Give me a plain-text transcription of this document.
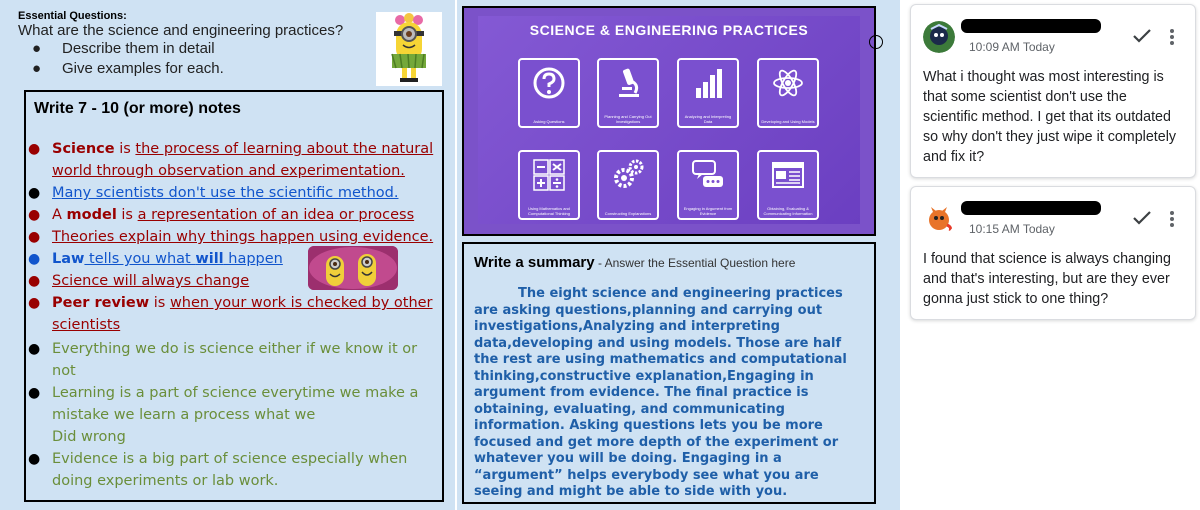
Essential Questions:
What are the science and engineering practices?
● Describe them in detail
● Give examples for each.
Write 7 - 10 (or more) notes
● Science is the process of learning about the natural world through observation and experimentation.
● Many scientists don't use the scientific method.
● A model is a representation of an idea or process
● Theories explain why things happen using evidence.
● Law tells you what will happen
● Science will always change
● Peer review is when your work is checked by other scientists
● Everything we do is science either if we know it or not
● Learning is a part of science everytime we make a mistake we learn a process what we
Did wrong
● Evidence is a big part of science especially when doing experiments or lab work.
SCIENCE & ENGINEERING PRACTICES
Asking Questions
Planning and Carrying Out Investigations
Analyzing and Interpreting Data	Developing and Using Models
Using Mathematics and Computational Thinking	Constructing Explanations
Engaging in Argument from Evidence
Obtaining, Evaluating & Communicating Information
Write a summary - Answer the Essential Question here
The eight science and engineering practices are asking questions,planning and carrying out investigations,Analyzing and interpreting data,developing and using models. Those are half the rest are using mathematics and computational thinking,constructive explanation,Engaging in argument from evidence. The final practice is obtaining, evaluating, and communicating information. Asking questions lets you be more focused and get more depth of the experiment or whatever you will be doing. Engaging in a “argument” helps everybody see what you are seeing and might be able to side with you.
10:09 AM Today
What i thought was most interesting is that some scientist don't use the scientific method. I get that its outdated so why don't they just wipe it completely and fix it?
10:15 AM Today
I found that science is always changing and that's interesting, but are they ever gonna just stick to one thing?
